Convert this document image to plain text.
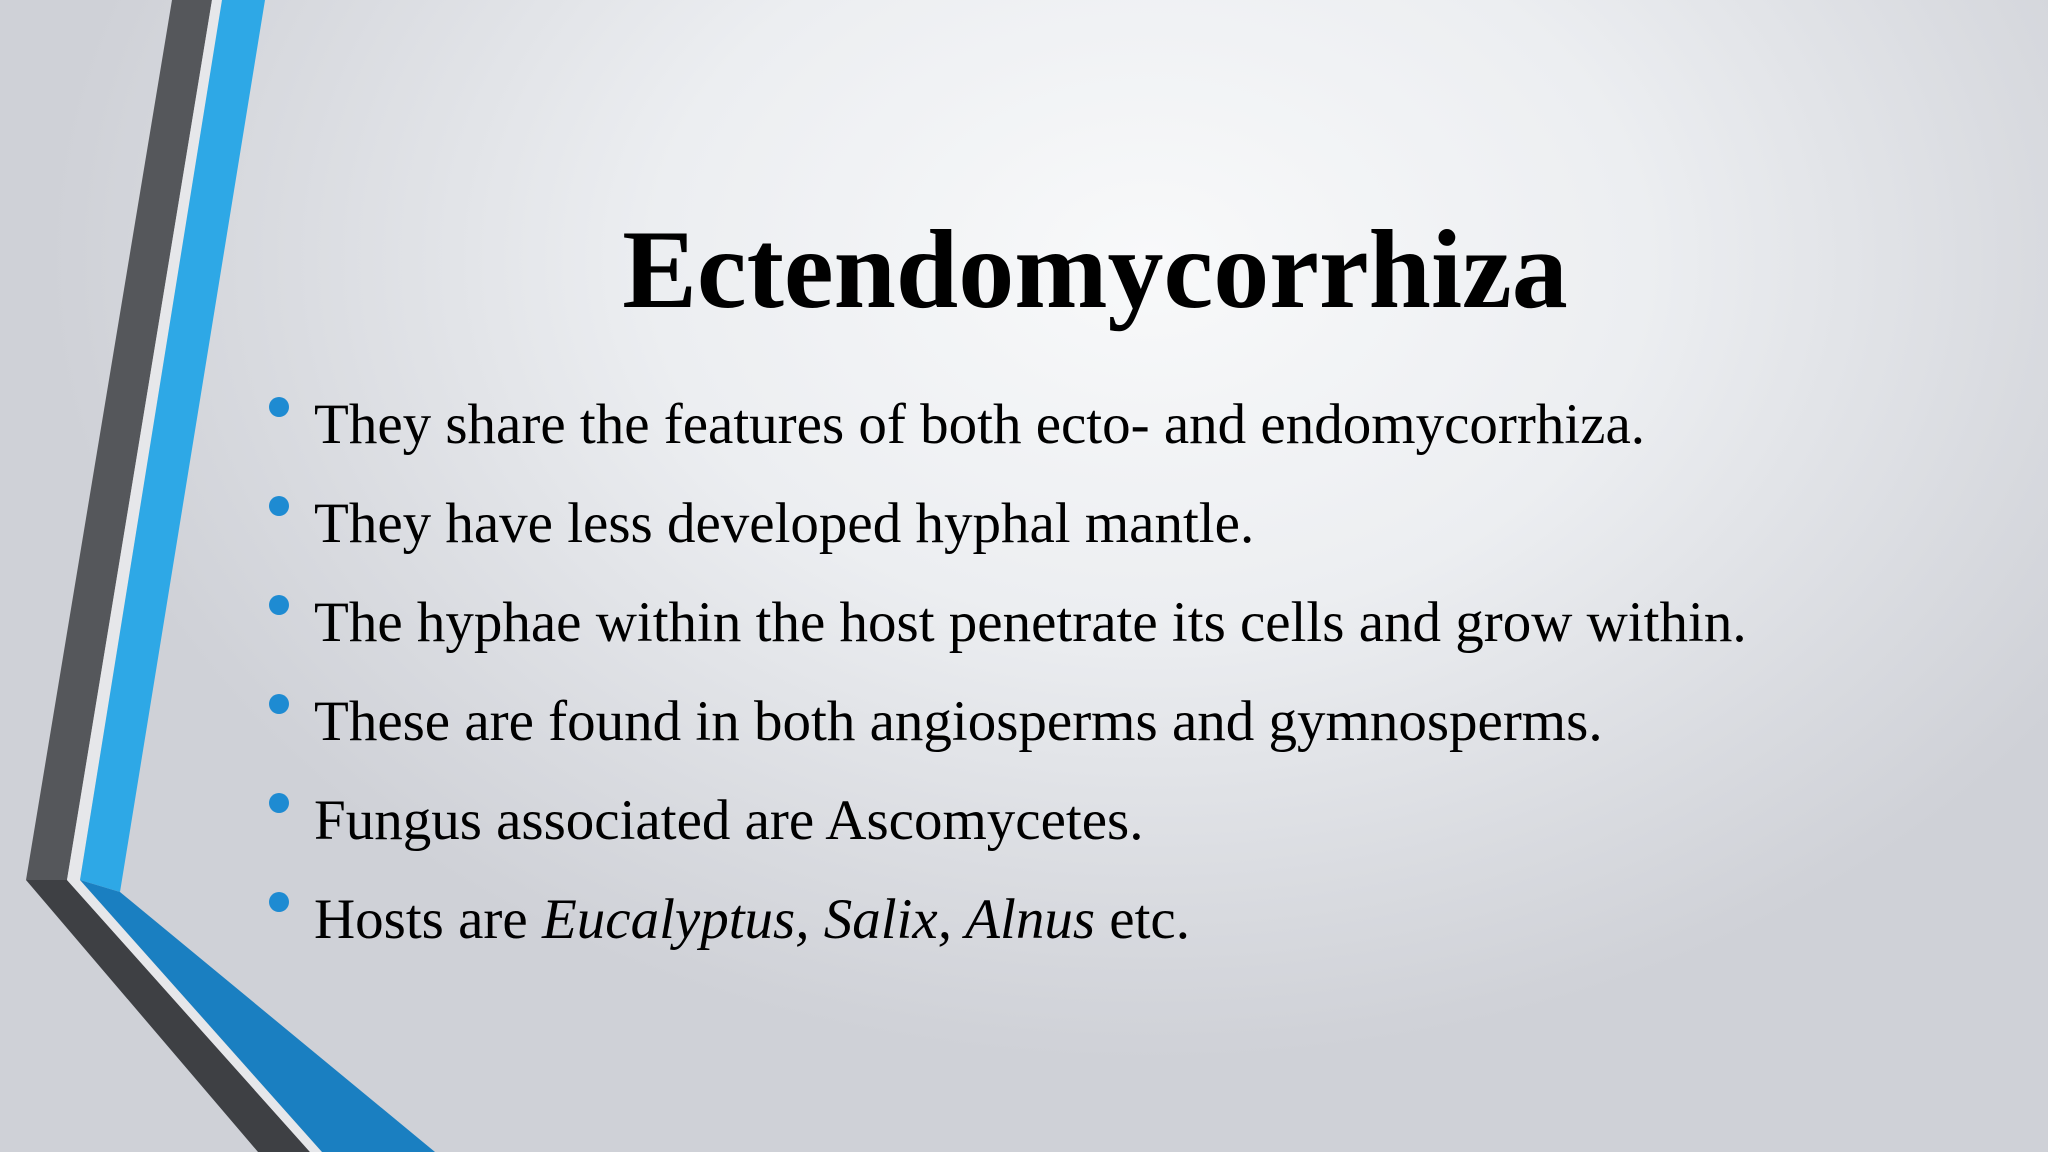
Ectendomycorrhiza
They share the features of both ecto- and endomycorrhiza.
They have less developed hyphal mantle.
The hyphae within the host penetrate its cells and grow within.
These are found in both angiosperms and gymnosperms.
Fungus associated are Ascomycetes.
Hosts are Eucalyptus, Salix, Alnus etc.
